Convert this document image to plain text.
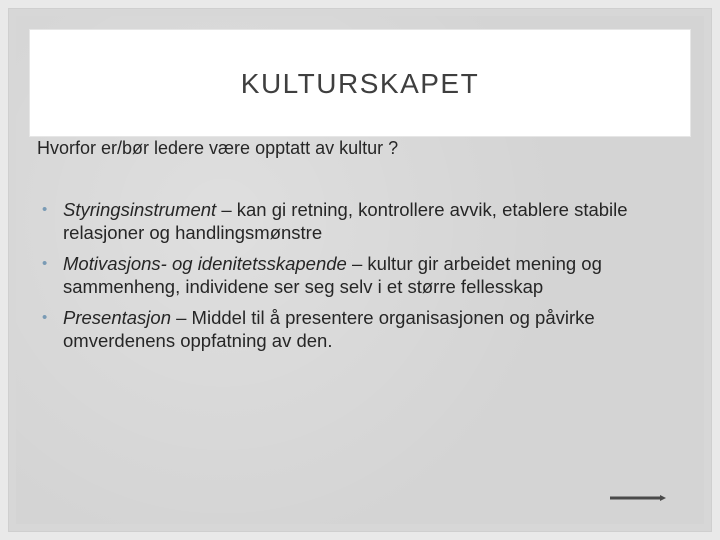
KULTURSKAPET

Hvorfor er/bør ledere være opptatt av kultur ?

• Styringsinstrument – kan gi retning, kontrollere avvik, etablere stabile relasjoner og handlingsmønstre
• Motivasjons- og idenitetsskapende – kultur gir arbeidet mening og sammenheng, individene ser seg selv i et større fellesskap
• Presentasjon – Middel til å presentere organisasjonen og påvirke omverdenens oppfatning av den.
